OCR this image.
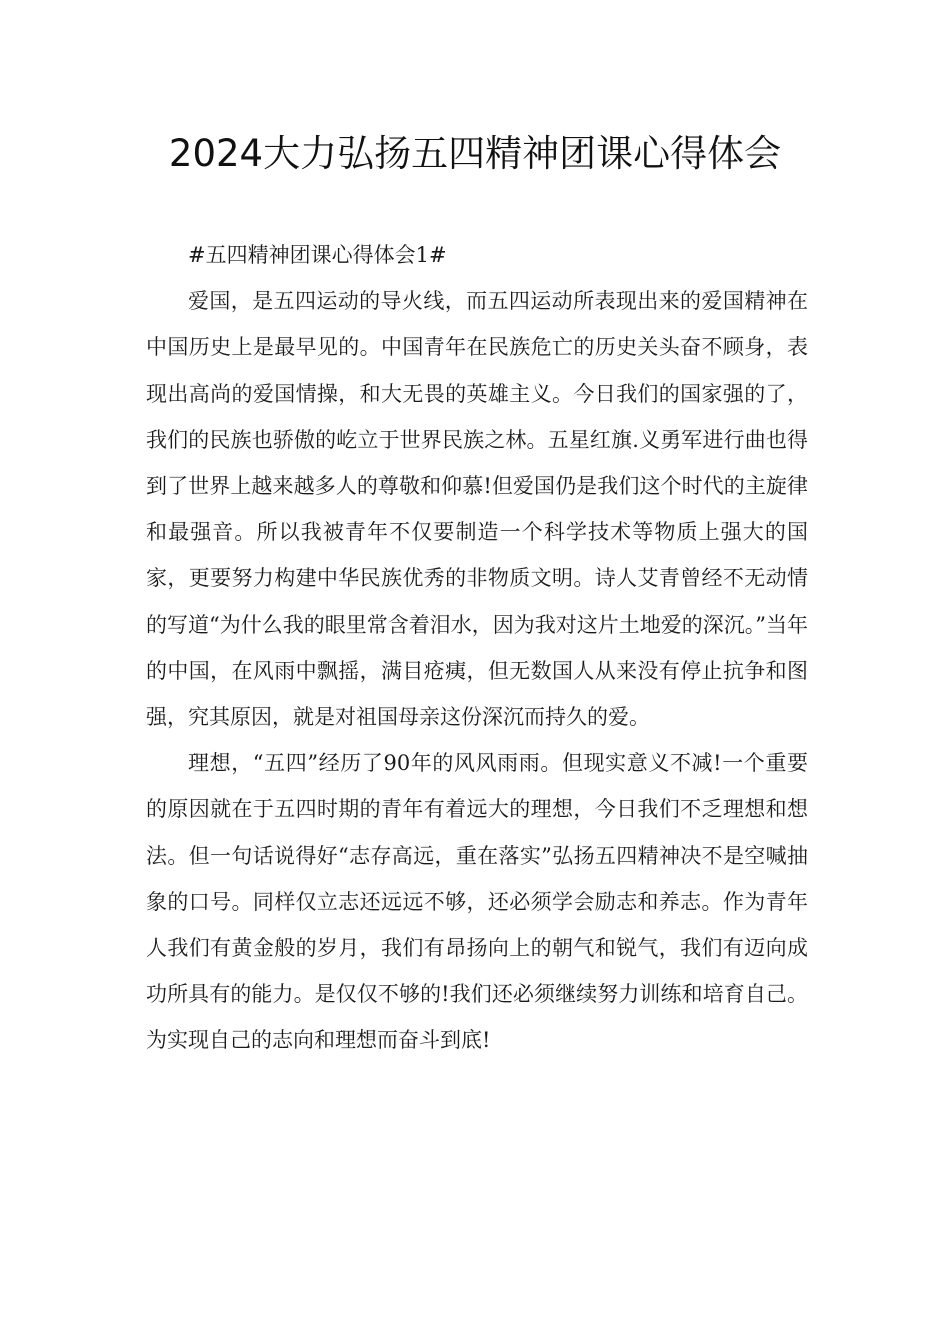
2024大力弘扬五四精神团课心得体会

#五四精神团课心得体会1#

爱国，是五四运动的导火线，而五四运动所表现出来的爱国精神在中国历史上是最早见的。中国青年在民族危亡的历史关头奋不顾身，表现出高尚的爱国情操，和大无畏的英雄主义。今日我们的国家强的了，我们的民族也骄傲的屹立于世界民族之林。五星红旗.义勇军进行曲也得到了世界上越来越多人的尊敬和仰慕!但爱国仍是我们这个时代的主旋律和最强音。所以我被青年不仅要制造一个科学技术等物质上强大的国家，更要努力构建中华民族优秀的非物质文明。诗人艾青曾经不无动情的写道“为什么我的眼里常含着泪水，因为我对这片土地爱的深沉。”当年的中国，在风雨中飘摇，满目疮痍，但无数国人从来没有停止抗争和图强，究其原因，就是对祖国母亲这份深沉而持久的爱。

理想，“五四”经历了90年的风风雨雨。但现实意义不减!一个重要的原因就在于五四时期的青年有着远大的理想，今日我们不乏理想和想法。但一句话说得好“志存高远，重在落实”弘扬五四精神决不是空喊抽象的口号。同样仅立志还远远不够，还必须学会励志和养志。作为青年人我们有黄金般的岁月，我们有昂扬向上的朝气和锐气，我们有迈向成功所具有的能力。是仅仅不够的!我们还必须继续努力训练和培育自己。为实现自己的志向和理想而奋斗到底!
